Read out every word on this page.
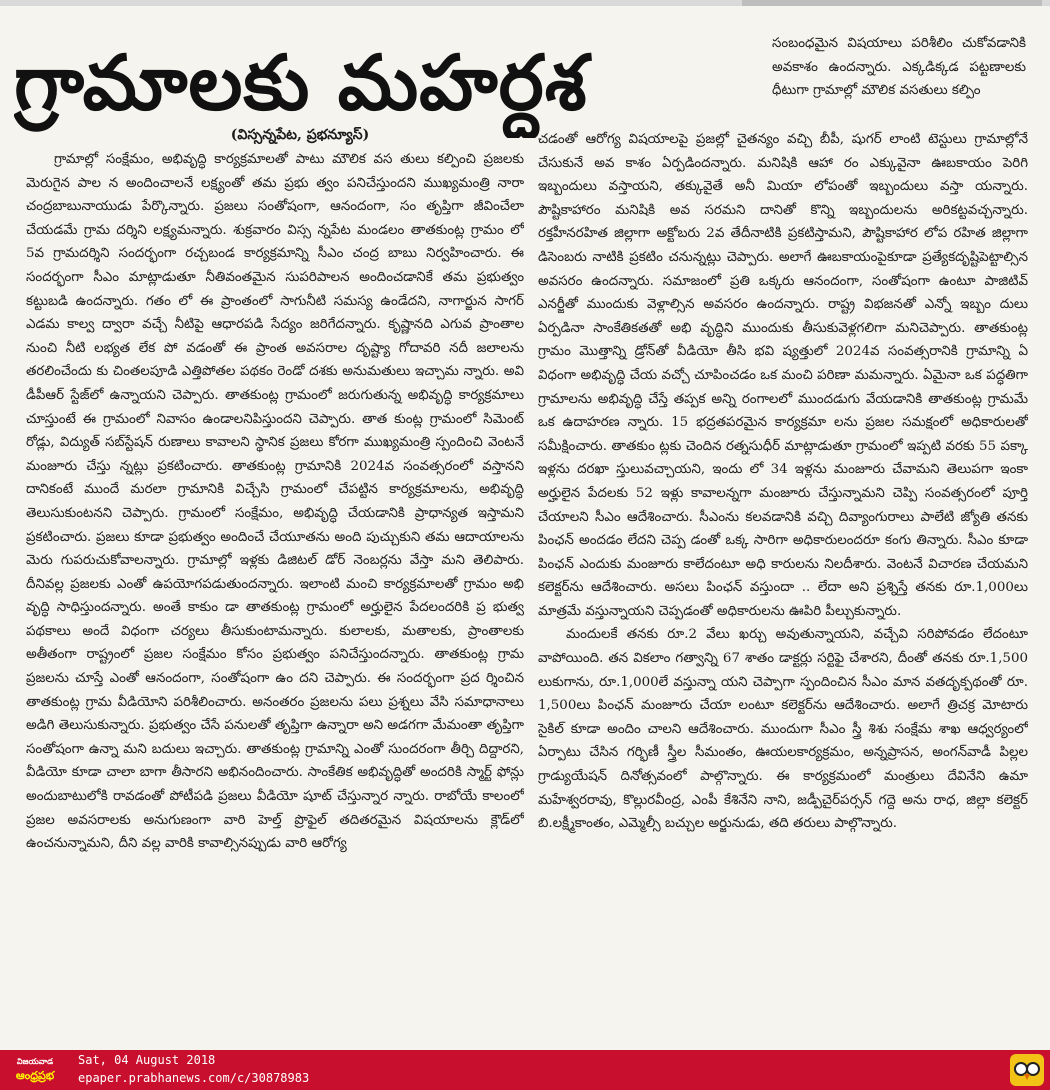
గ్రామాలకు మహర్దశ
(విస్సన్నపేట, ప్రభన్యూస్)

గ్రామాల్లో సంక్షేమం, అభివృద్ధి కార్యక్రమాలతో పాటు మౌలిక వస తులు కల్పించి ప్రజలకు మెరుగైన పాల న అందించాలనే లక్ష్యంతో తమ ప్రభు త్వం పనిచేస్తుందని ముఖ్యమంత్రి నారా చంద్రబాబునాయుడు పేర్కొన్నారు. ప్రజలు సంతోషంగా, ఆనందంగా, సం తృప్తిగా జీవించేలా చేయడమే గ్రామ దర్శిని లక్ష్యమన్నారు. శుక్రవారం విస్స న్నపేట మండలం తాతకుంట్ల గ్రామం లో 5వ గ్రామదర్శిని సందర్భంగా రచ్చబండ కార్యక్రమాన్ని సీఎం చంద్ర బాబు నిర్వహించారు. ఈ సందర్భంగా సీఎం మాట్లాడుతూ నీతివంతమైన సుపరిపాలన అందించడానికే తమ ప్రభుత్వం కట్టుబడి ఉందన్నారు. గతం లో ఈ ప్రాంతంలో సాగునీటి సమస్య ఉండేదని, నాగార్జున సాగర్ ఎడమ కాల్వ ద్వారా వచ్చే నీటిపై ఆధారపడి సేద్యం జరిగేదన్నారు. కృష్ణానది ఎగువ ప్రాంతాల నుంచి నీటి లభ్యత లేక పో వడంతో ఈ ప్రాంత అవసరాల దృష్ట్యా గోదావరి నదీ జలాలను తరలించేందు కు చింతలపూడి ఎత్తిపోతల పథకం రెండో దశకు అనుమతులు ఇచ్చామ న్నారు. అవి డీపీఆర్ స్టేజ్‌లో ఉన్నాయని చెప్పారు. తాతకుంట్ల గ్రామంలో జరుగుతున్న అభివృద్ధి కార్యక్రమాలు చూస్తుంటే ఈ గ్రామంలో నివాసం ఉండాలనిపిస్తుందని చెప్పారు. తాత కుంట్ల గ్రామంలో సిమెంట్ రోడ్లు, విద్యుత్ సబ్‌స్టేషన్ రుణాలు కావాలని స్థానిక ప్రజలు కోరగా ముఖ్యమంత్రి స్పందించి వెంటనే మంజూరు చేస్తు న్నట్లు ప్రకటించారు. తాతకుంట్ల గ్రామానికి 2024వ సంవత్సరంలో వస్తానని దానికంటే ముందే మరలా గ్రామానికి విచ్చేసి గ్రామంలో చేపట్టిన కార్యక్రమాలను, అభివృద్ధి తెలుసుకుంటనని చెప్పారు. గ్రామంలో సంక్షేమం, అభివృద్ధి చేయడానికి ప్రాధాన్యత ఇస్తామని ప్రకటించారు. ప్రజలు కూడా ప్రభుత్వం అందించే చేయూతను అంది పుచ్చుకుని తమ ఆదాయాలను మెరు గుపరుచుకోవాలన్నారు. గ్రామాల్లో ఇళ్లకు డిజిటల్ డోర్ నెంబర్లను వేస్తా మని తెలిపారు. దీనివల్ల ప్రజలకు ఎంతో ఉపయోగపడుతుందన్నారు. ఇలాంటి మంచి కార్యక్రమాలతో గ్రామం అభి వృద్ధి సాధిస్తుందన్నారు. అంతే కాకుం డా తాతకుంట్ల గ్రామంలో అర్హులైన పేదలందరికి ప్ర భుత్వ పథకాలు అందే విధంగా చర్యలు తీసుకుంటామన్నారు. కులాలకు, మతాలకు, ప్రాంతాలకు అతీతంగా రాష్ట్రంలో ప్రజల సంక్షేమం కోసం ప్రభుత్వం పనిచేస్తుందన్నారు. తాతకుంట్ల గ్రామ ప్రజలను చూస్తే ఎంతో ఆనందంగా, సంతోషంగా ఉం దని చెప్పారు. ఈ సందర్భంగా ప్రద ర్శించిన తాతకుంట్ల గ్రామ వీడియోని పరిశీలించారు. అనంతరం ప్రజలను పలు ప్రశ్నలు వేసి సమాధానాలు అడిగి తెలుసుకున్నారు. ప్రభుత్వం చేసే పనులతో తృప్తిగా ఉన్నారా అని అడగగా మేమంతా తృప్తిగా సంతోషంగా ఉన్నా మని బదులు ఇచ్చారు. తాతకుంట్ల గ్రామాన్ని ఎంతో సుందరంగా తీర్చి దిద్దారని, వీడియో కూడా చాలా బాగా తీసారని అభినందించారు. సాంకేతిక అభివృద్ధితో అందరికి స్మార్ట్ ఫోన్లు అందుబాటులోకి రావడంతో పోటీపడి ప్రజలు వీడియో షూట్ చేస్తున్నార న్నారు. రాబోయే కాలంలో ప్రజల అవసరాలకు అనుగుణంగా వారి హెల్త్ ప్రొఫైల్ తదితరమైన విషయాలను క్లౌడ్‌లో ఉంచనున్నామని, దీని వల్ల వారికి కావాల్సినప్పుడు వారి ఆరోగ్య

సంబంధమైన విషయాలు పరిశీలిం చుకోవడానికి అవకాశం ఉందన్నారు. ఎక్కడిక్కడ పట్టణాలకు ధీటుగా గ్రామాల్లో మౌలిక వసతులు కల్పిం

చడంతో ఆరోగ్య విషయాలపై ప్రజల్లో చైతన్యం వచ్చి బీపీ, షుగర్ లాంటి టెస్టులు గ్రామాల్లోనే చేసుకునే అవ కాశం ఏర్పడిందన్నారు. మనిషికి ఆహా రం ఎక్కువైనా ఊబకాయం పెరిగి ఇబ్బందులు వస్తాయని, తక్కువైతే అనీ మియా లోపంతో ఇబ్బందులు వస్తా యన్నారు. పౌష్టికాహారం మనిషికి అవ సరమని దానితో కొన్ని ఇబ్బందులను అరికట్టవచ్చన్నారు. రక్తహీనరహిత జిల్లాగా అక్టోబరు 2వ తేదీనాటికి ప్రకటిస్తామని, పౌష్టికాహార లోప రహిత జిల్లాగా డిసెంబరు నాటికి ప్రకటిం చనున్నట్లు చెప్పారు. అలాగే ఊబకాయంపైకూడా ప్రత్యేకదృష్టిపెట్టాల్సిన అవసరం ఉందన్నారు. సమాజంలో ప్రతి ఒక్కరు ఆనందంగా, సంతోషంగా ఉంటూ పాజిటివ్ ఎనర్జీతో ముందుకు వెళ్లాల్సిన అవసరం ఉందన్నారు. రాష్ట్ర విభజనతో ఎన్నో ఇబ్బం దులు ఏర్పడినా సాంకేతికతతో అభి వృద్ధిని ముందుకు తీసుకువెళ్లగలిగా మనిచెప్పారు. తాతకుంట్ల గ్రామం మొత్తాన్ని డ్రోన్‌తో వీడియో తీసి భవి ష్యత్తులో 2024వ సంవత్సరానికి గ్రామాన్ని ఏ విధంగా అభివృద్ధి చేయ వచ్చో చూపించడం ఒక మంచి పరిణా మమన్నారు. ఏమైనా ఒక పద్ధతిగా గ్రామాలను అభివృద్ధి చేస్తే తప్పక అన్ని రంగాలలో ముందడుగు వేయడానికి తాతకుంట్ల గ్రామమే ఒక ఉదాహరణ న్నారు. 15 భద్రతపరమైన కార్యక్రమా లను ప్రజల సమక్షంలో అధికారులతో సమీక్షించారు. తాతకుం ట్లకు చెందిన రత్నసుధీర్ మాట్లాడుతూ గ్రామంలో ఇప్పటి వరకు 55 పక్కా ఇళ్లను దరఖా స్తులువచ్చాయని, ఇందు లో 34 ఇళ్లను మంజూరు చేవామని తెలుపగా ఇంకా అర్హులైన పేదలకు 52 ఇళ్లు కావాలన్నగా మంజూరు చేస్తున్నామని చెప్పి సంవత్సరంలో పూర్తి చేయాలని సీఎం ఆదేశించారు. సీఎంను కలవడానికి వచ్చి దివ్యాంగురాలు పాలేటి జ్యోతి తనకు పింఛన్ అందడం లేదని చెప్ప డంతో ఒక్క సారిగా అధికారులందరూ కంగు తిన్నారు. సీఎం కూడా పింఛన్ ఎందుకు మంజూరు కాలేదంటూ అధి కారులను నిలదీశారు. వెంటనే విచారణ చేయమని కలెక్టర్‌ను ఆదేశించారు. అసలు పింఛన్ వస్తుందా .. లేదా అని ప్రశ్నిస్తే తనకు రూ.1,000లు మాత్రమే వస్తున్నాయని చెప్పడంతో అధికారులను ఊపిరి పీల్చుకున్నారు.

మందులకే తనకు రూ.2 వేలు ఖర్చు అవుతున్నాయని, వచ్చేవి సరిపోవడం లేదంటూ వాపోయింది. తన వికలాం గత్వాన్ని 67 శాతం డాక్టర్లు సర్టిఫై చేశారని, దీంతో తనకు రూ.1,500 లుకుగాను, రూ.1,000లే వస్తున్నా యని చెప్పాగా స్పందించిన సీఎం మాన వతదృక్పథంతో రూ. 1,500లు పింఛన్ మంజూరు చేయా లంటూ కలెక్టర్‌ను ఆదేశించారు. అలాగే త్రిచక్ర మోటారు సైకిల్ కూడా అందిం చాలని ఆదేశించారు. ముందుగా సీఎం స్త్రీ శిశు సంక్షేమ శాఖ ఆధ్వర్యంలో ఏర్పాటు చేసిన గర్భిణీ స్త్రీల సీమంతం, ఊయలకార్యక్రమం, అన్నప్రాసన, అంగన్‌వాడీ పిల్లల గ్రాడ్యుయేషన్ దినోత్సవంలో పాల్గొన్నారు. ఈ కార్యక్రమంలో మంత్రులు దేవినేని ఉమా మహేశ్వరరావు, కొల్లురవీంద్ర, ఎంపీ కేశినేని నాని, జడ్పీచైర్‌పర్సన్ గద్దె అను రాధ, జిల్లా కలెక్టర్ బి.లక్ష్మీకాంతం, ఎమ్మెల్సీ బచ్చుల అర్జునుడు, తది తరులు పాల్గొన్నారు.

విజయవాడ
ఆంధ్రప్రభ
Sat, 04 August 2018
epaper.prabhanews.com/c/30878983
